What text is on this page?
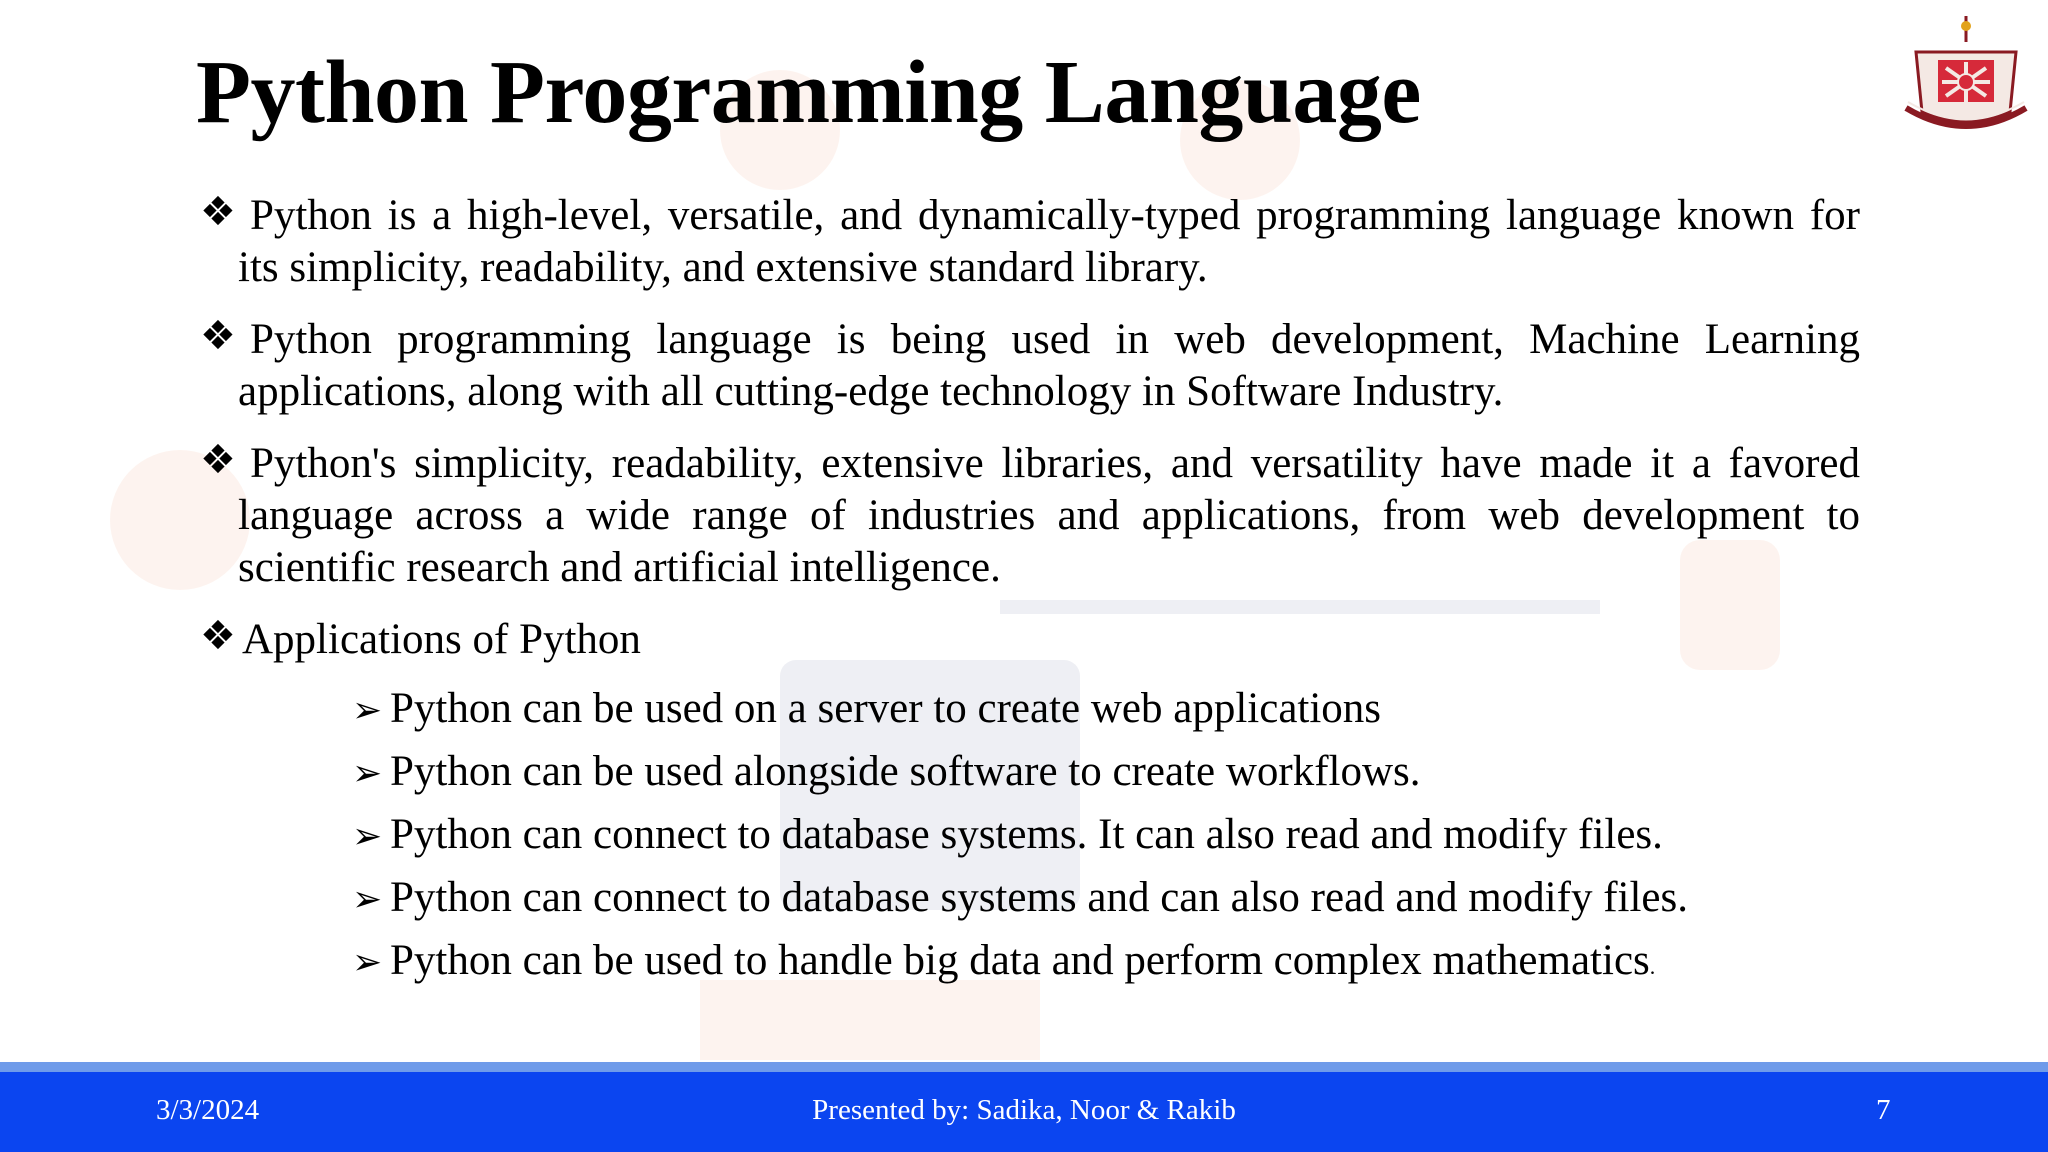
Python Programming Language
❖ Python is a high-level, versatile, and dynamically-typed programming language known for its simplicity, readability, and extensive standard library.
❖ Python programming language is being used in web development, Machine Learning applications, along with all cutting-edge technology in Software Industry.
❖ Python's simplicity, readability, extensive libraries, and versatility have made it a favored language across a wide range of industries and applications, from web development to scientific research and artificial intelligence.
❖ Applications of Python
➢ Python can be used on a server to create web applications
➢ Python can be used alongside software to create workflows.
➢ Python can connect to database systems. It can also read and modify files.
➢ Python can connect to database systems and can also read and modify files.
➢ Python can be used to handle big data and perform complex mathematics.
3/3/2024	Presented by: Sadika, Noor & Rakib	7
